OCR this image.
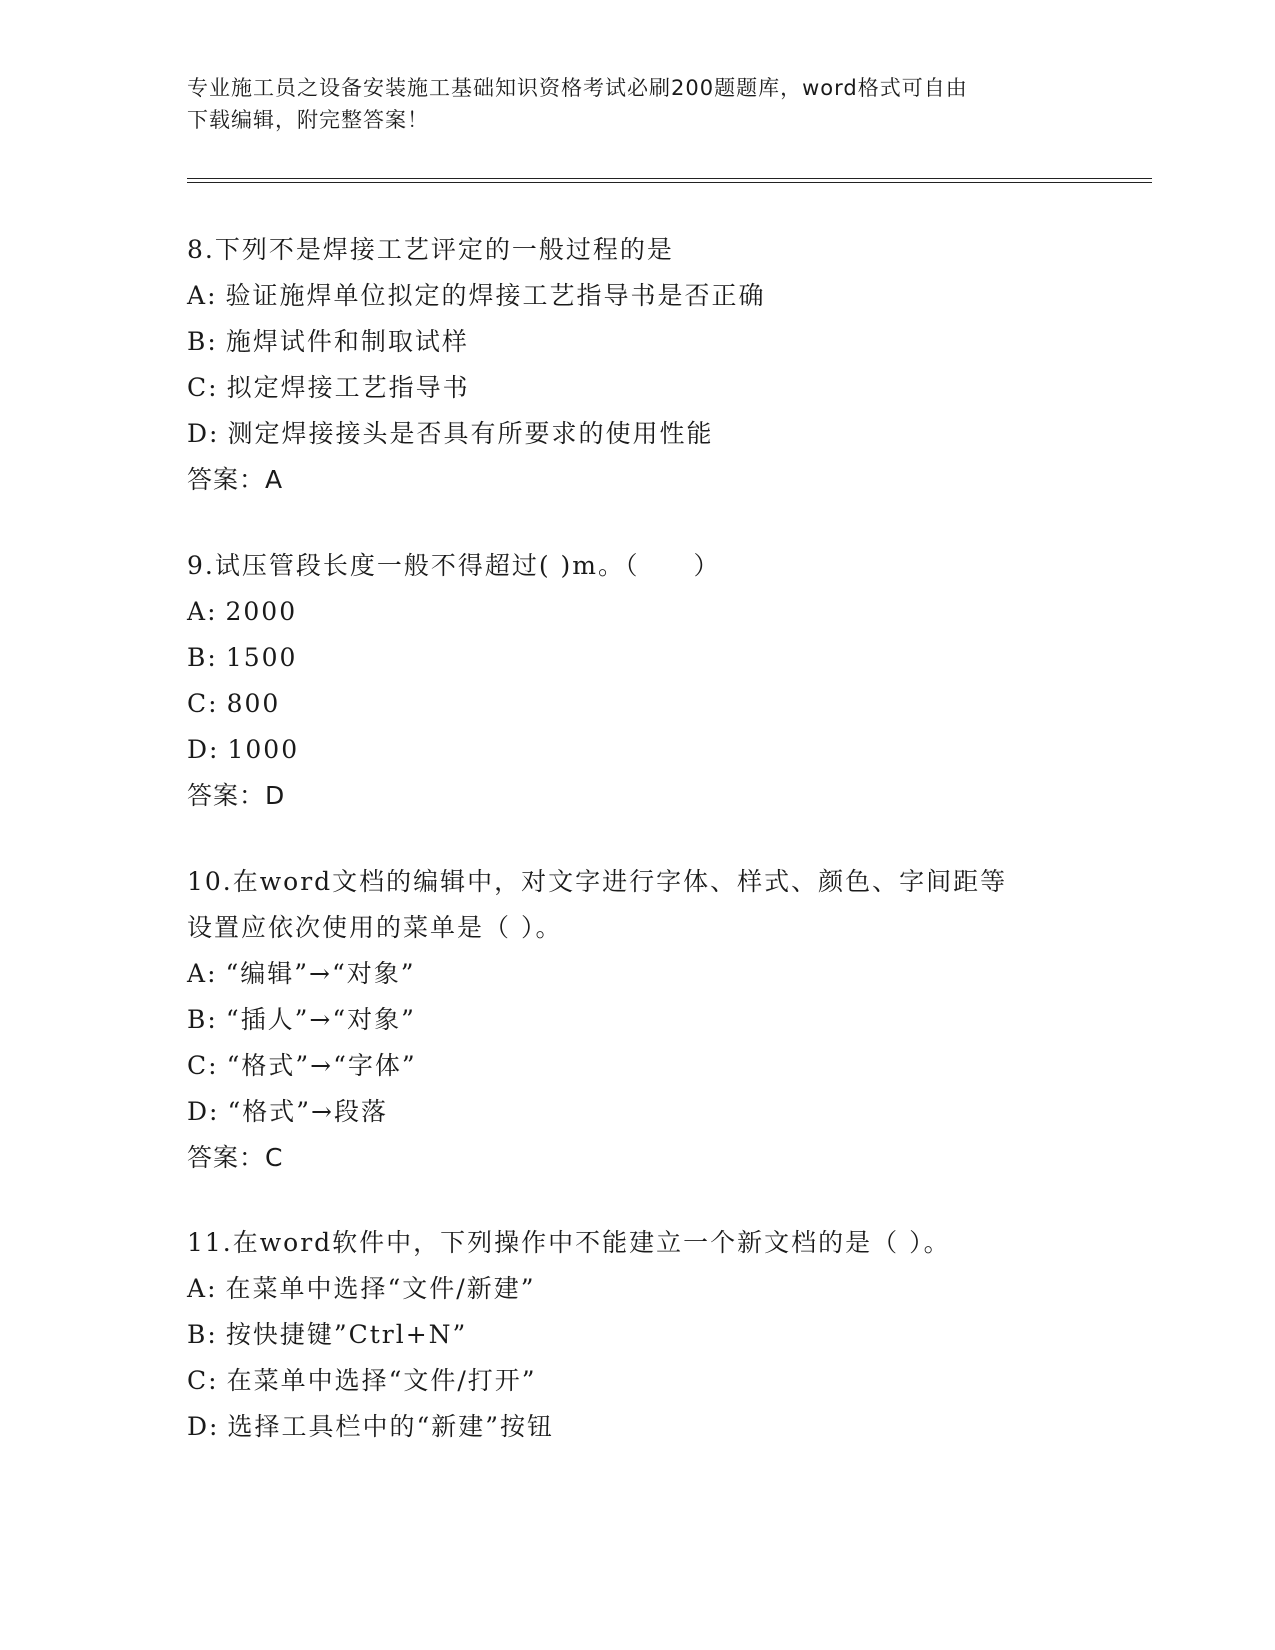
专业施工员之设备安装施工基础知识资格考试必刷200题题库，word格式可自由
下载编辑，附完整答案！
8.下列不是焊接工艺评定的一般过程的是
A: 验证施焊单位拟定的焊接工艺指导书是否正确
B: 施焊试件和制取试样
C: 拟定焊接工艺指导书
D: 测定焊接接头是否具有所要求的使用性能
答案：A
9.试压管段长度一般不得超过( )m。（　　）
A: 2000
B: 1500
C: 800
D: 1000
答案：D
10.在word文档的编辑中，对文字进行字体、样式、颜色、字间距等
设置应依次使用的菜单是（ ）。
A: “编辑”→“对象”
B: “插人”→“对象”
C: “格式”→“字体”
D: “格式”→段落
答案：C
11.在word软件中，下列操作中不能建立一个新文档的是（ ）。
A: 在菜单中选择“文件/新建”
B: 按快捷键”Ctrl+N”
C: 在菜单中选择“文件/打开”
D: 选择工具栏中的“新建”按钮
